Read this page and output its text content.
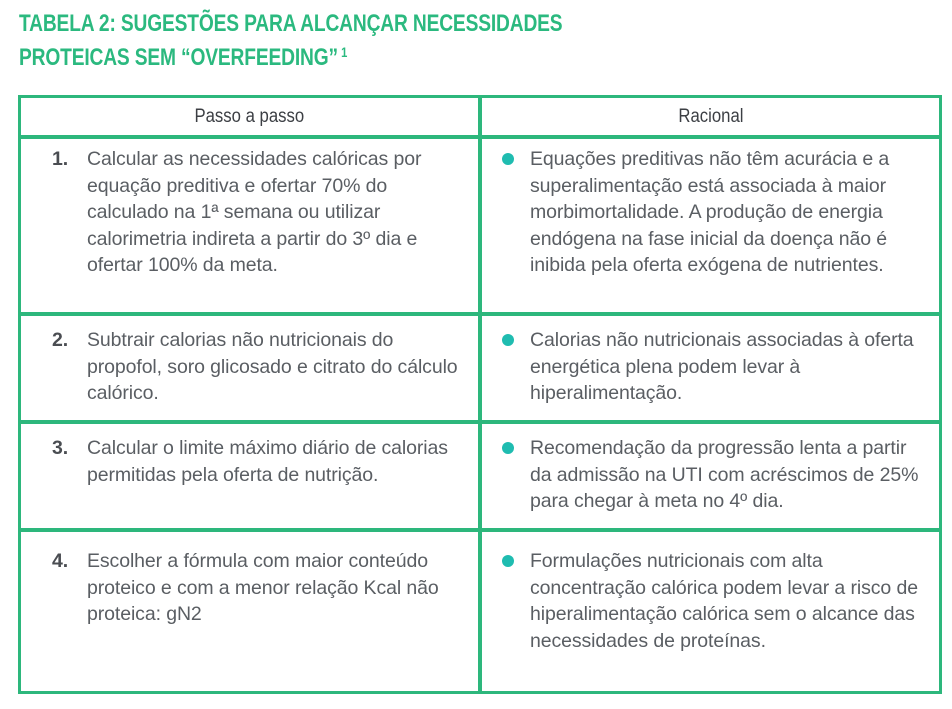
TABELA 2: SUGESTÕES PARA ALCANÇAR NECESSIDADES
PROTEICAS SEM “OVERFEEDING” $^1$
Passo a passo	Racional
1. Calcular as necessidades calóricas por equação preditiva e ofertar 70% do calculado na 1ª semana ou utilizar calorimetria indireta a partir do 3º dia e ofertar 100% da meta.
Equações preditivas não têm acurácia e a superalimentação está associada à maior morbimortalidade. A produção de energia endógena na fase inicial da doença não é inibida pela oferta exógena de nutrientes.
2. Subtrair calorias não nutricionais do propofol, soro glicosado e citrato do cálculo calórico.
Calorias não nutricionais associadas à oferta energética plena podem levar à hiperalimentação.
3. Calcular o limite máximo diário de calorias permitidas pela oferta de nutrição.
Recomendação da progressão lenta a partir da admissão na UTI com acréscimos de 25% para chegar à meta no 4º dia.
4. Escolher a fórmula com maior conteúdo proteico e com a menor relação Kcal não proteica: gN2
Formulações nutricionais com alta concentração calórica podem levar a risco de hiperalimentação calórica sem o alcance das necessidades de proteínas.
